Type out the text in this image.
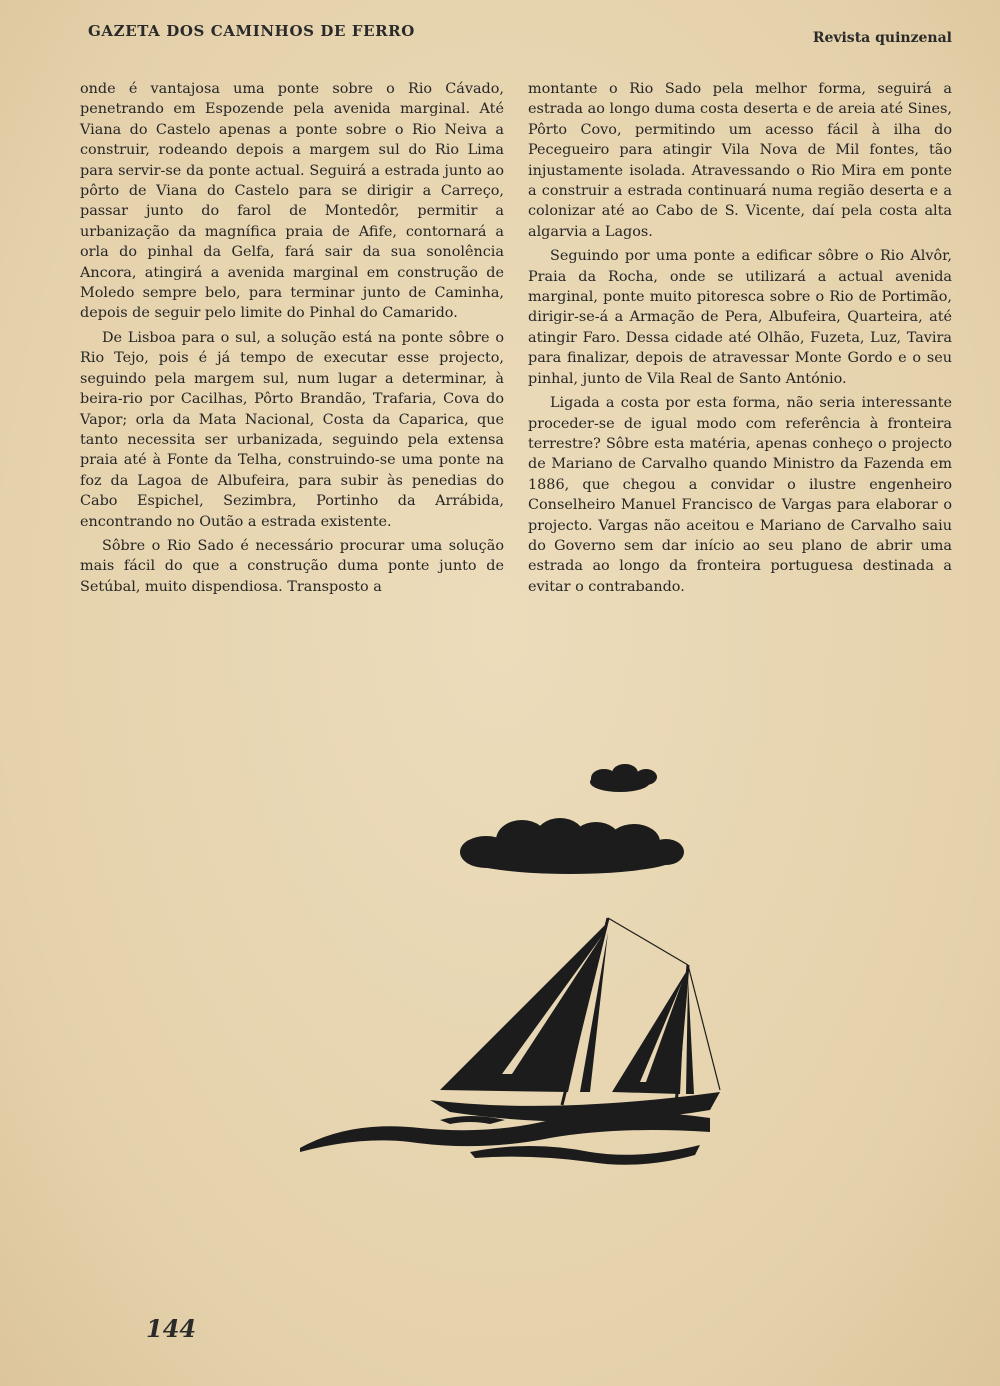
GAZETA DOS CAMINHOS DE FERRO	Revista quinzenal

onde é vantajosa uma ponte sobre o Rio Cávado, penetrando em Espozende pela avenida marginal. Até Viana do Castelo apenas a ponte sobre o Rio Neiva a construir, rodeando depois a margem sul do Rio Lima para servir-se da ponte actual. Seguirá a estrada junto ao pôrto de Viana do Castelo para se dirigir a Carreço, passar junto do farol de Montedôr, permitir a urbanização da magnífica praia de Afife, contornará a orla do pinhal da Gelfa, fará sair da sua sonolência Ancora, atingirá a avenida marginal em construção de Moledo sempre belo, para terminar junto de Caminha, depois de seguir pelo limite do Pinhal do Camarido.

De Lisboa para o sul, a solução está na ponte sôbre o Rio Tejo, pois é já tempo de executar esse projecto, seguindo pela margem sul, num lugar a determinar, à beira-rio por Cacilhas, Pôrto Brandão, Trafaria, Cova do Vapor; orla da Mata Nacional, Costa da Caparica, que tanto necessita ser urbanizada, seguindo pela extensa praia até à Fonte da Telha, construindo-se uma ponte na foz da Lagoa de Albufeira, para subir às penedias do Cabo Espichel, Sezimbra, Portinho da Arrábida, encontrando no Outão a estrada existente.

Sôbre o Rio Sado é necessário procurar uma solução mais fácil do que a construção duma ponte junto de Setúbal, muito dispendiosa. Transposto a

montante o Rio Sado pela melhor forma, seguirá a estrada ao longo duma costa deserta e de areia até Sines, Pôrto Covo, permitindo um acesso fácil à ilha do Pecegueiro para atingir Vila Nova de Mil fontes, tão injustamente isolada. Atravessando o Rio Mira em ponte a construir a estrada continuará numa região deserta e a colonizar até ao Cabo de S. Vicente, daí pela costa alta algarvia a Lagos.

Seguindo por uma ponte a edificar sôbre o Rio Alvôr, Praia da Rocha, onde se utilizará a actual avenida marginal, ponte muito pitoresca sobre o Rio de Portimão, dirigir-se-á a Armação de Pera, Albufeira, Quarteira, até atingir Faro. Dessa cidade até Olhão, Fuzeta, Luz, Tavira para finalizar, depois de atravessar Monte Gordo e o seu pinhal, junto de Vila Real de Santo António.

Ligada a costa por esta forma, não seria interessante proceder-se de igual modo com referência à fronteira terrestre? Sôbre esta matéria, apenas conheço o projecto de Mariano de Carvalho quando Ministro da Fazenda em 1886, que chegou a convidar o ilustre engenheiro Conselheiro Manuel Francisco de Vargas para elaborar o projecto. Vargas não aceitou e Mariano de Carvalho saiu do Governo sem dar início ao seu plano de abrir uma estrada ao longo da fronteira portuguesa destinada a evitar o contrabando.

144
